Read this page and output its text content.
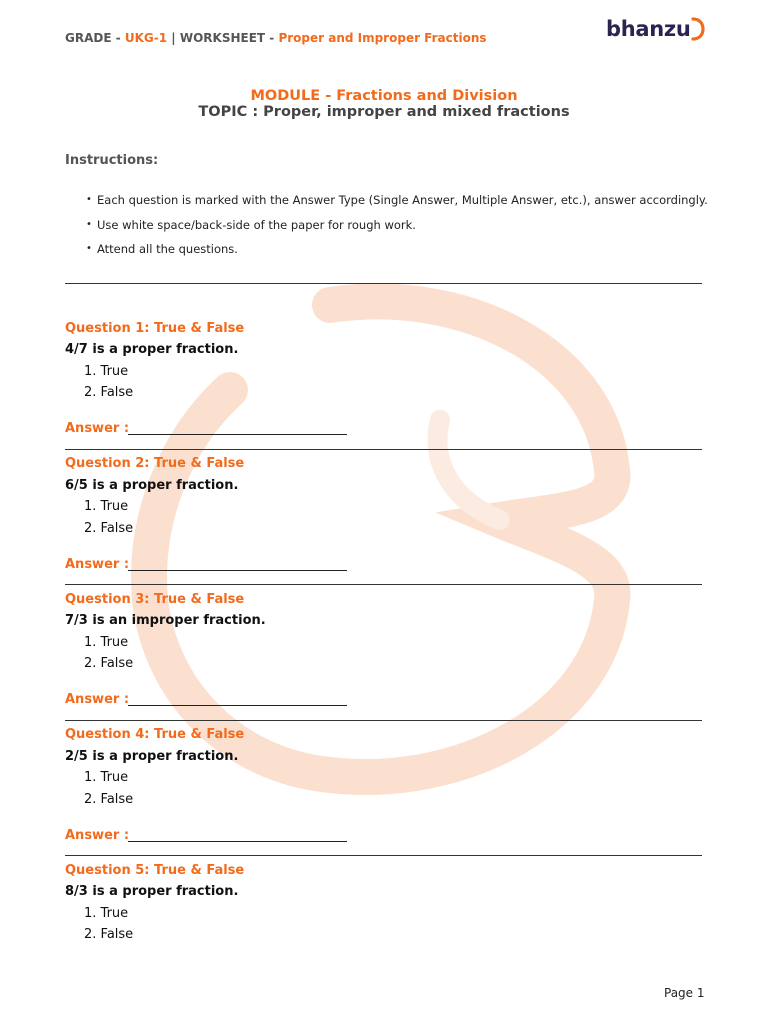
GRADE - UKG-1 | WORKSHEET - Proper and Improper Fractions	bhanzu
MODULE - Fractions and Division
TOPIC : Proper, improper and mixed fractions
Instructions:
• Each question is marked with the Answer Type (Single Answer, Multiple Answer, etc.), answer accordingly.
• Use white space/back-side of the paper for rough work.
• Attend all the questions.
Question 1: True & False
4/7 is a proper fraction.
1. True
2. False
Answer :
Question 2: True & False
6/5 is a proper fraction.
1. True
2. False
Answer :
Question 3: True & False
7/3 is an improper fraction.
1. True
2. False
Answer :
Question 4: True & False
2/5 is a proper fraction.
1. True
2. False
Answer :
Question 5: True & False
8/3 is a proper fraction.
1. True
2. False
Page 1
